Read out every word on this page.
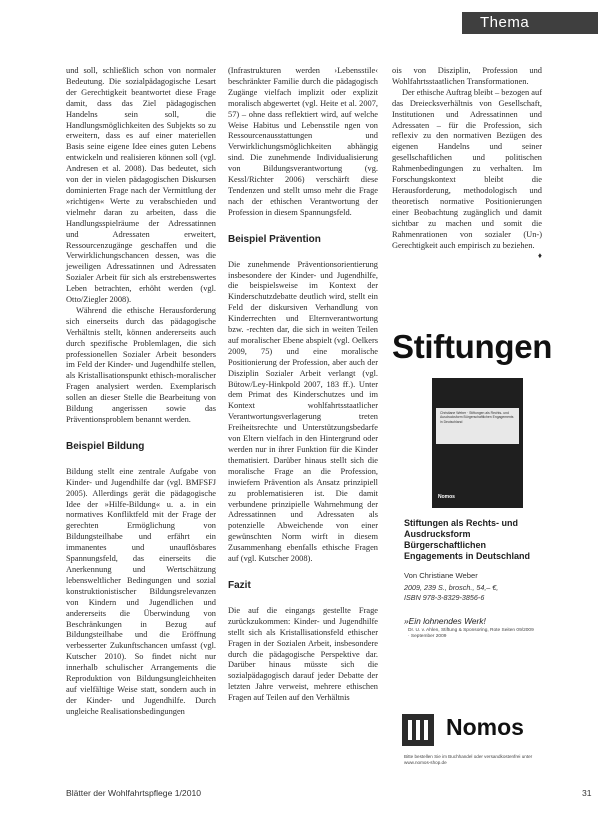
Thema

und soll, schließlich schon von normaler Bedeutung. Die sozialpädagogische Lesart der Gerechtigkeit beantwortet diese Frage damit, dass das Ziel pädagogischen Handelns sein soll, die Handlungsmöglichkeiten des Subjekts so zu erweitern, dass es auf einer materiellen Basis seine eigene Idee eines guten Lebens entwickeln und realisieren können soll (vgl. Andresen et al. 2008). Das bedeutet, sich von der in vielen pädagogischen Diskursen dominierten Frage nach der Vermittlung der »richtigen« Werte zu verabschieden und vielmehr daran zu arbeiten, dass die Handlungsspielräume der Adressatinnen und Adressaten erweitert, Ressourcenzugänge geschaffen und die Verwirklichungschancen dessen, was die jeweiligen Adressatinnen und Adressaten Sozialer Arbeit für sich als erstrebenswertes Leben betrachten, erhöht werden (vgl. Otto/Ziegler 2008).

Während die ethische Herausforderung sich einerseits durch das pädagogische Verhältnis stellt, können andererseits auch durch spezifische Problemlagen, die sich professionellen Sozialer Arbeit besonders im Feld der Kinder- und Jugendhilfe stellen, als Kristallisationspunkt ethisch-moralischer Fragen analysiert werden. Exemplarisch sollen an dieser Stelle die Bearbeitung von Bildung angerissen sowie das Präventionsproblem benannt werden.

Beispiel Bildung

Bildung stellt eine zentrale Aufgabe von Kinder- und Jugendhilfe dar (vgl. BMFSFJ 2005). Allerdings gerät die pädagogische Idee der »Hilfe-Bildung« u. a. in ein normatives Konfliktfeld mit der Frage der gerechten Ermöglichung von Bildungsteilhabe und erfährt ein immanentes und unauflösbares Spannungsfeld, das einerseits die Anerkennung und Wertschätzung lebensweltlicher Bedingungen und sozial konstruktionistischer Bildungsrelevanzen von Kindern und Jugendlichen und andererseits die Überwindung von Beschränkungen in Bezug auf Bildungsteilhabe und die Eröffnung verbesserter Zukunftschancen umfasst (vgl. Kutscher 2010). So findet nicht nur innerhalb schulischer Arrangements die Reproduktion von Bildungsungleichheiten auf vielfältige Weise statt, sondern auch in der Kinder- und Jugendhilfe. Durch ungleiche Realisationsbedingungen

(Infrastrukturen werden ›Lebensstile‹ beschränkter Familie durch die pädagogisch Zugänge vielfach implizit oder explizit moralisch abgewertet (vgl. Heite et al. 2007, 57) – ohne dass reflektiert wird, auf welche Weise Habitus und Lebensstile ngen von Ressourcenausstattungen und Verwirklichungsmöglichkeiten abhängig sind. Die zunehmende Individualisierung von Bildungsverantwortung (vg. Kessl/Richter 2006) verschärft diese Tendenzen und stellt umso mehr die Frage nach der ethischen Verantwortung der Profession in diesem Spannungsfeld.

Beispiel Prävention

Die zunehmende Präventionsorientierung insbesondere der Kinder- und Jugendhilfe, die beispielsweise im Kontext der Kinderschutzdebatte deutlich wird, stellt ein Feld der diskursiven Verhandlung von Kinderrechten und Elternverantwortung bzw. -rechten dar, die sich in weiten Teilen auf moralischer Ebene abspielt (vgl. Oelkers 2009, 75) und eine moralische Positionierung der Profession, aber auch der Disziplin Sozialer Arbeit verlangt (vgl. Bütow/Ley-Hinkpold 2007, 183 ff.). Unter dem Primat des Kinderschutzes und im Kontext wohlfahrtsstaatlicher Verantwortungsverlagerung treten Freiheitsrechte und Unterstützungsbedarfe von Eltern vielfach in den Hintergrund oder werden nur in ihrer Funktion für die Kinder thematisiert. Darüber hinaus stellt sich die moralische Frage an die Profession, inwiefern Prävention als Ansatz prinzipiell zu problematisieren ist. Die damit verbundene prinzipielle Wahrnehmung der Adressatinnen und Adressaten als potenzielle Abweichende von einer gewünschten Norm wirft in diesem Zusammenhang ebenfalls ethische Fragen auf (vgl. Kutscher 2008).

Fazit

Die auf die eingangs gestellte Frage zurückzukommen: Kinder- und Jugendhilfe stellt sich als Kristallisationsfeld ethischer Fragen in der Sozialen Arbeit, insbesondere durch die pädagogische Perspektive dar. Darüber hinaus müsste sich die sozialpädagogisch darauf jeder Debatte der letzten Jahre verweist, mehrere ethischen Fragen auf Teilen auf den Verhältnis

ois von Disziplin, Profession und Wohlfahrtsstaatlichen Transformationen.

Der ethische Auftrag bleibt – bezogen auf das Dreiecksverhältnis von Gesellschaft, Institutionen und Adressatinnen und Adressaten – für die Profession, sich reflexiv zu den normativen Bezügen des eigenen Handelns und seiner gesellschaftlichen und politischen Rahmenbedingungen zu verhalten. Im Forschungskontext bleibt die Herausforderung, methodologisch und theoretisch normative Positionierungen einer Beobachtung zugänglich und damit sichtbar zu machen und somit die Rahmenrationen von sozialer (Un-) Gerechtigkeit auch empirisch zu beziehen.
♦

Stiftungen
Christiane Weber · Stiftungen als Rechts- und Ausdrucksform Bürgerschaftlichen Engagements in Deutschland
Nomos
Stiftungen als Rechts- und Ausdrucksform Bürgerschaftlichen Engagements in Deutschland
Von Christiane Weber
2009, 239 S., brosch., 54,– €,
ISBN 978-3-8329-3856-6
»Ein lohnendes Werk!
Dr. U. v. Ahlen, Stiftung & Sponsoring, Rote Seiten 09/2009 · September 2009
Nomos
Bitte bestellen Sie im Buchhandel oder versandkostenfrei unter www.nomos-shop.de
Blätter der Wohlfahrtspflege 1/2010	31
